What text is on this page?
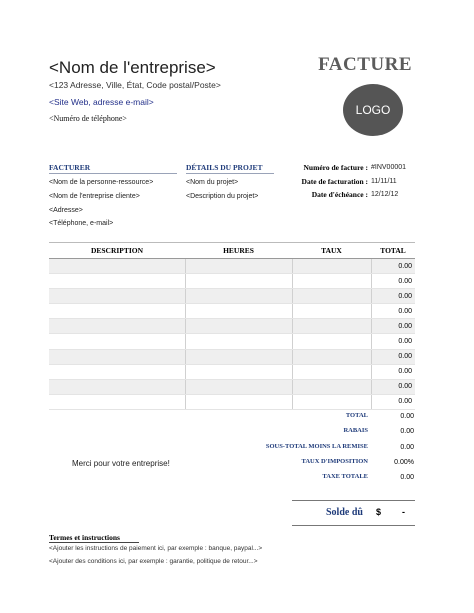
<Nom de l'entreprise>
<123 Adresse, Ville, État, Code postal/Poste>
<Site Web, adresse e-mail>
<Numéro de téléphone>
FACTURE
LOGO
FACTURER
<Nom de la personne-ressource>
<Nom de l'entreprise cliente>
<Adresse>
<Téléphone, e-mail>
DÉTAILS DU PROJET
<Nom du projet>
<Description du projet>
Numéro de facture : #INV00001
Date de facturation : 11/11/11
Date d'échéance : 12/12/12
DESCRIPTION	HEURES	TAUX	TOTAL
			0.00
			0.00
			0.00
			0.00
			0.00
			0.00
			0.00
			0.00
			0.00
			0.00
TOTAL	0.00
RABAIS	0.00
SOUS-TOTAL MOINS LA REMISE	0.00
TAUX D'IMPOSITION	0.00%
TAXE TOTALE	0.00
Merci pour votre entreprise!
Solde dû $ -
Termes et instructions
<Ajouter les instructions de paiement ici, par exemple : banque, paypal...>
<Ajouter des conditions ici, par exemple : garantie, politique de retour...>
